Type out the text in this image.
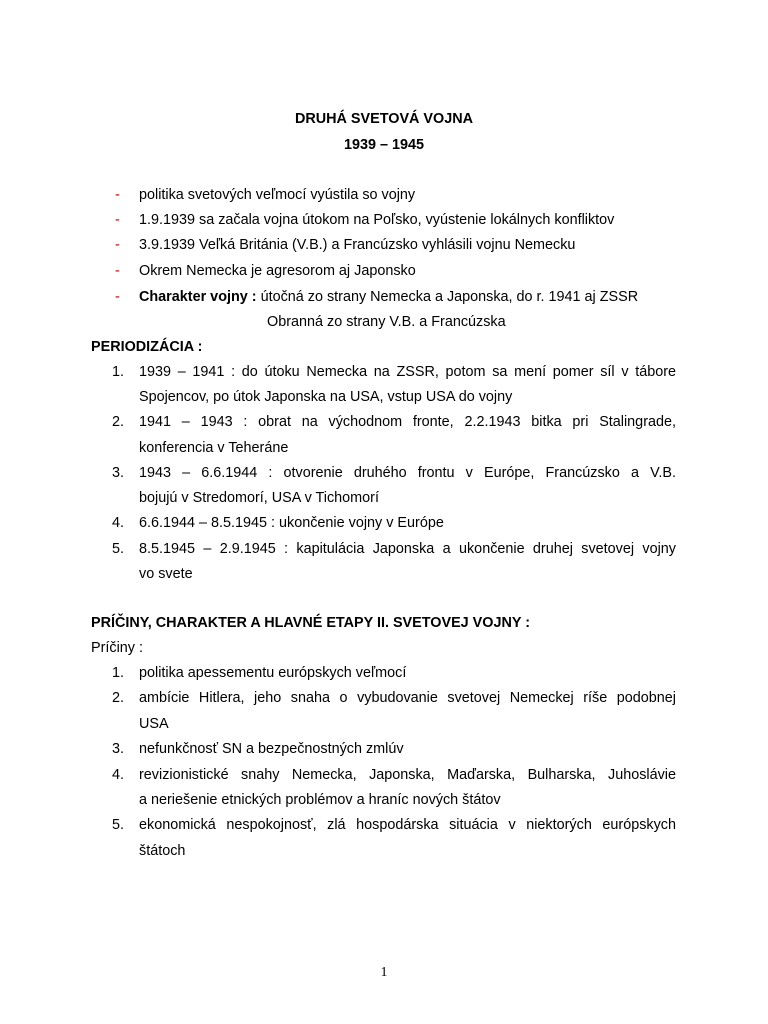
DRUHÁ SVETOVÁ VOJNA
1939 – 1945
- politika svetových veľmocí vyústila so vojny
- 1.9.1939 sa začala vojna útokom na Poľsko, vyústenie lokálnych konfliktov
- 3.9.1939 Veľká Británia (V.B.) a Francúzsko vyhlásili vojnu Nemecku
- Okrem Nemecka je agresorom aj Japonsko
- Charakter vojny : útočná zo strany Nemecka a Japonska, do r. 1941 aj ZSSR
Obranná zo strany V.B. a Francúzska
PERIODIZÁCIA :
1.	1939 – 1941 : do útoku Nemecka na ZSSR, potom sa mení pomer síl v tábore
Spojencov, po útok Japonska na USA, vstup USA do vojny
2.	1941 – 1943 : obrat na východnom fronte, 2.2.1943 bitka pri Stalingrade,
konferencia v Teheráne
3.	1943 – 6.6.1944 : otvorenie druhého frontu v Európe, Francúzsko a V.B.
bojujú v Stredomorí, USA v Tichomorí
4.	6.6.1944 – 8.5.1945 : ukončenie vojny v Európe
5.	8.5.1945 – 2.9.1945 : kapitulácia Japonska a ukončenie druhej svetovej vojny
vo svete
PRÍČINY, CHARAKTER A HLAVNÉ ETAPY II. SVETOVEJ VOJNY :
Príčiny :
1.	politika apessementu európskych veľmocí
2.	ambície Hitlera, jeho snaha o vybudovanie svetovej Nemeckej ríše podobnej
USA
3.	nefunkčnosť SN a bezpečnostných zmlúv
4.	revizionistické snahy Nemecka, Japonska, Maďarska, Bulharska, Juhoslávie
a neriešenie etnických problémov a hraníc nových štátov
5.	ekonomická nespokojnosť, zlá hospodárska situácia v niektorých európskych
štátoch
1
